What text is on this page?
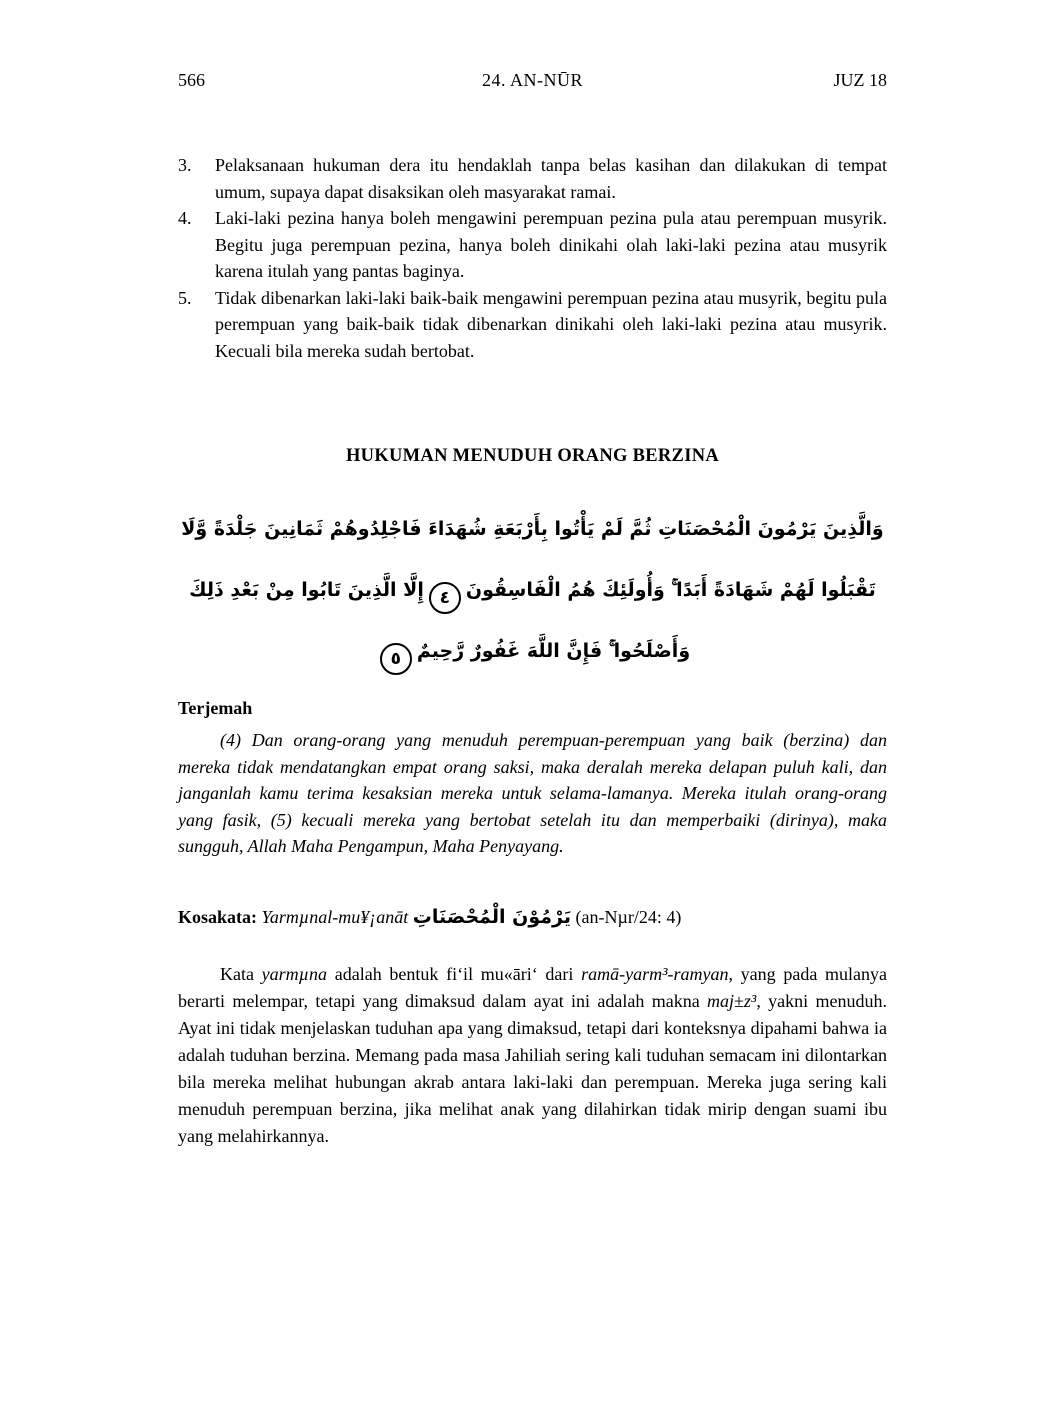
566	24. AN-NŪR	JUZ 18
3.	Pelaksanaan hukuman dera itu hendaklah tanpa belas kasihan dan dilakukan di tempat umum, supaya dapat disaksikan oleh masyarakat ramai.
4.	Laki-laki pezina hanya boleh mengawini perempuan pezina pula atau perempuan musyrik. Begitu juga perempuan pezina, hanya boleh dinikahi olah laki-laki pezina atau musyrik karena itulah yang pantas baginya.
5.	Tidak dibenarkan laki-laki baik-baik mengawini perempuan pezina atau musyrik, begitu pula perempuan yang baik-baik tidak dibenarkan dinikahi oleh laki-laki pezina atau musyrik. Kecuali bila mereka sudah bertobat.
HUKUMAN MENUDUH ORANG BERZINA
وَالَّذِينَ يَرْمُونَ الْمُحْصَنَاتِ ثُمَّ لَمْ يَأْتُوا بِأَرْبَعَةِ شُهَدَاءَ فَاجْلِدُوهُمْ ثَمَانِينَ جَلْدَةً وَّلَا
تَقْبَلُوا لَهُمْ شَهَادَةً أَبَدًا ۚ وَأُولَئِكَ هُمُ الْفَاسِقُونَ٤إِلَّا الَّذِينَ تَابُوا مِنْ بَعْدِ ذَلِكَ
وَأَصْلَحُوا ۚ فَإِنَّ اللَّهَ غَفُورٌ رَّحِيمٌ٥
Terjemah

(4) Dan orang-orang yang menuduh perempuan-perempuan yang baik (berzina) dan mereka tidak mendatangkan empat orang saksi, maka deralah mereka delapan puluh kali, dan janganlah kamu terima kesaksian mereka untuk selama-lamanya. Mereka itulah orang-orang yang fasik, (5) kecuali mereka yang bertobat setelah itu dan memperbaiki (dirinya), maka sungguh, Allah Maha Pengampun, Maha Penyayang.

Kosakata: Yarmµnal-mu¥¡anāt يَرْمُوْنَ الْمُحْصَنَاتِ (an-Nµr/24: 4)

Kata yarmµna adalah bentuk fi‘il mu«āri‘ dari ramā-yarm³-ramyan, yang pada mulanya berarti melempar, tetapi yang dimaksud dalam ayat ini adalah makna maj±z³, yakni menuduh. Ayat ini tidak menjelaskan tuduhan apa yang dimaksud, tetapi dari konteksnya dipahami bahwa ia adalah tuduhan berzina. Memang pada masa Jahiliah sering kali tuduhan semacam ini dilontarkan bila mereka melihat hubungan akrab antara laki-laki dan perempuan. Mereka juga sering kali menuduh perempuan berzina, jika melihat anak yang dilahirkan tidak mirip dengan suami ibu yang melahirkannya.
